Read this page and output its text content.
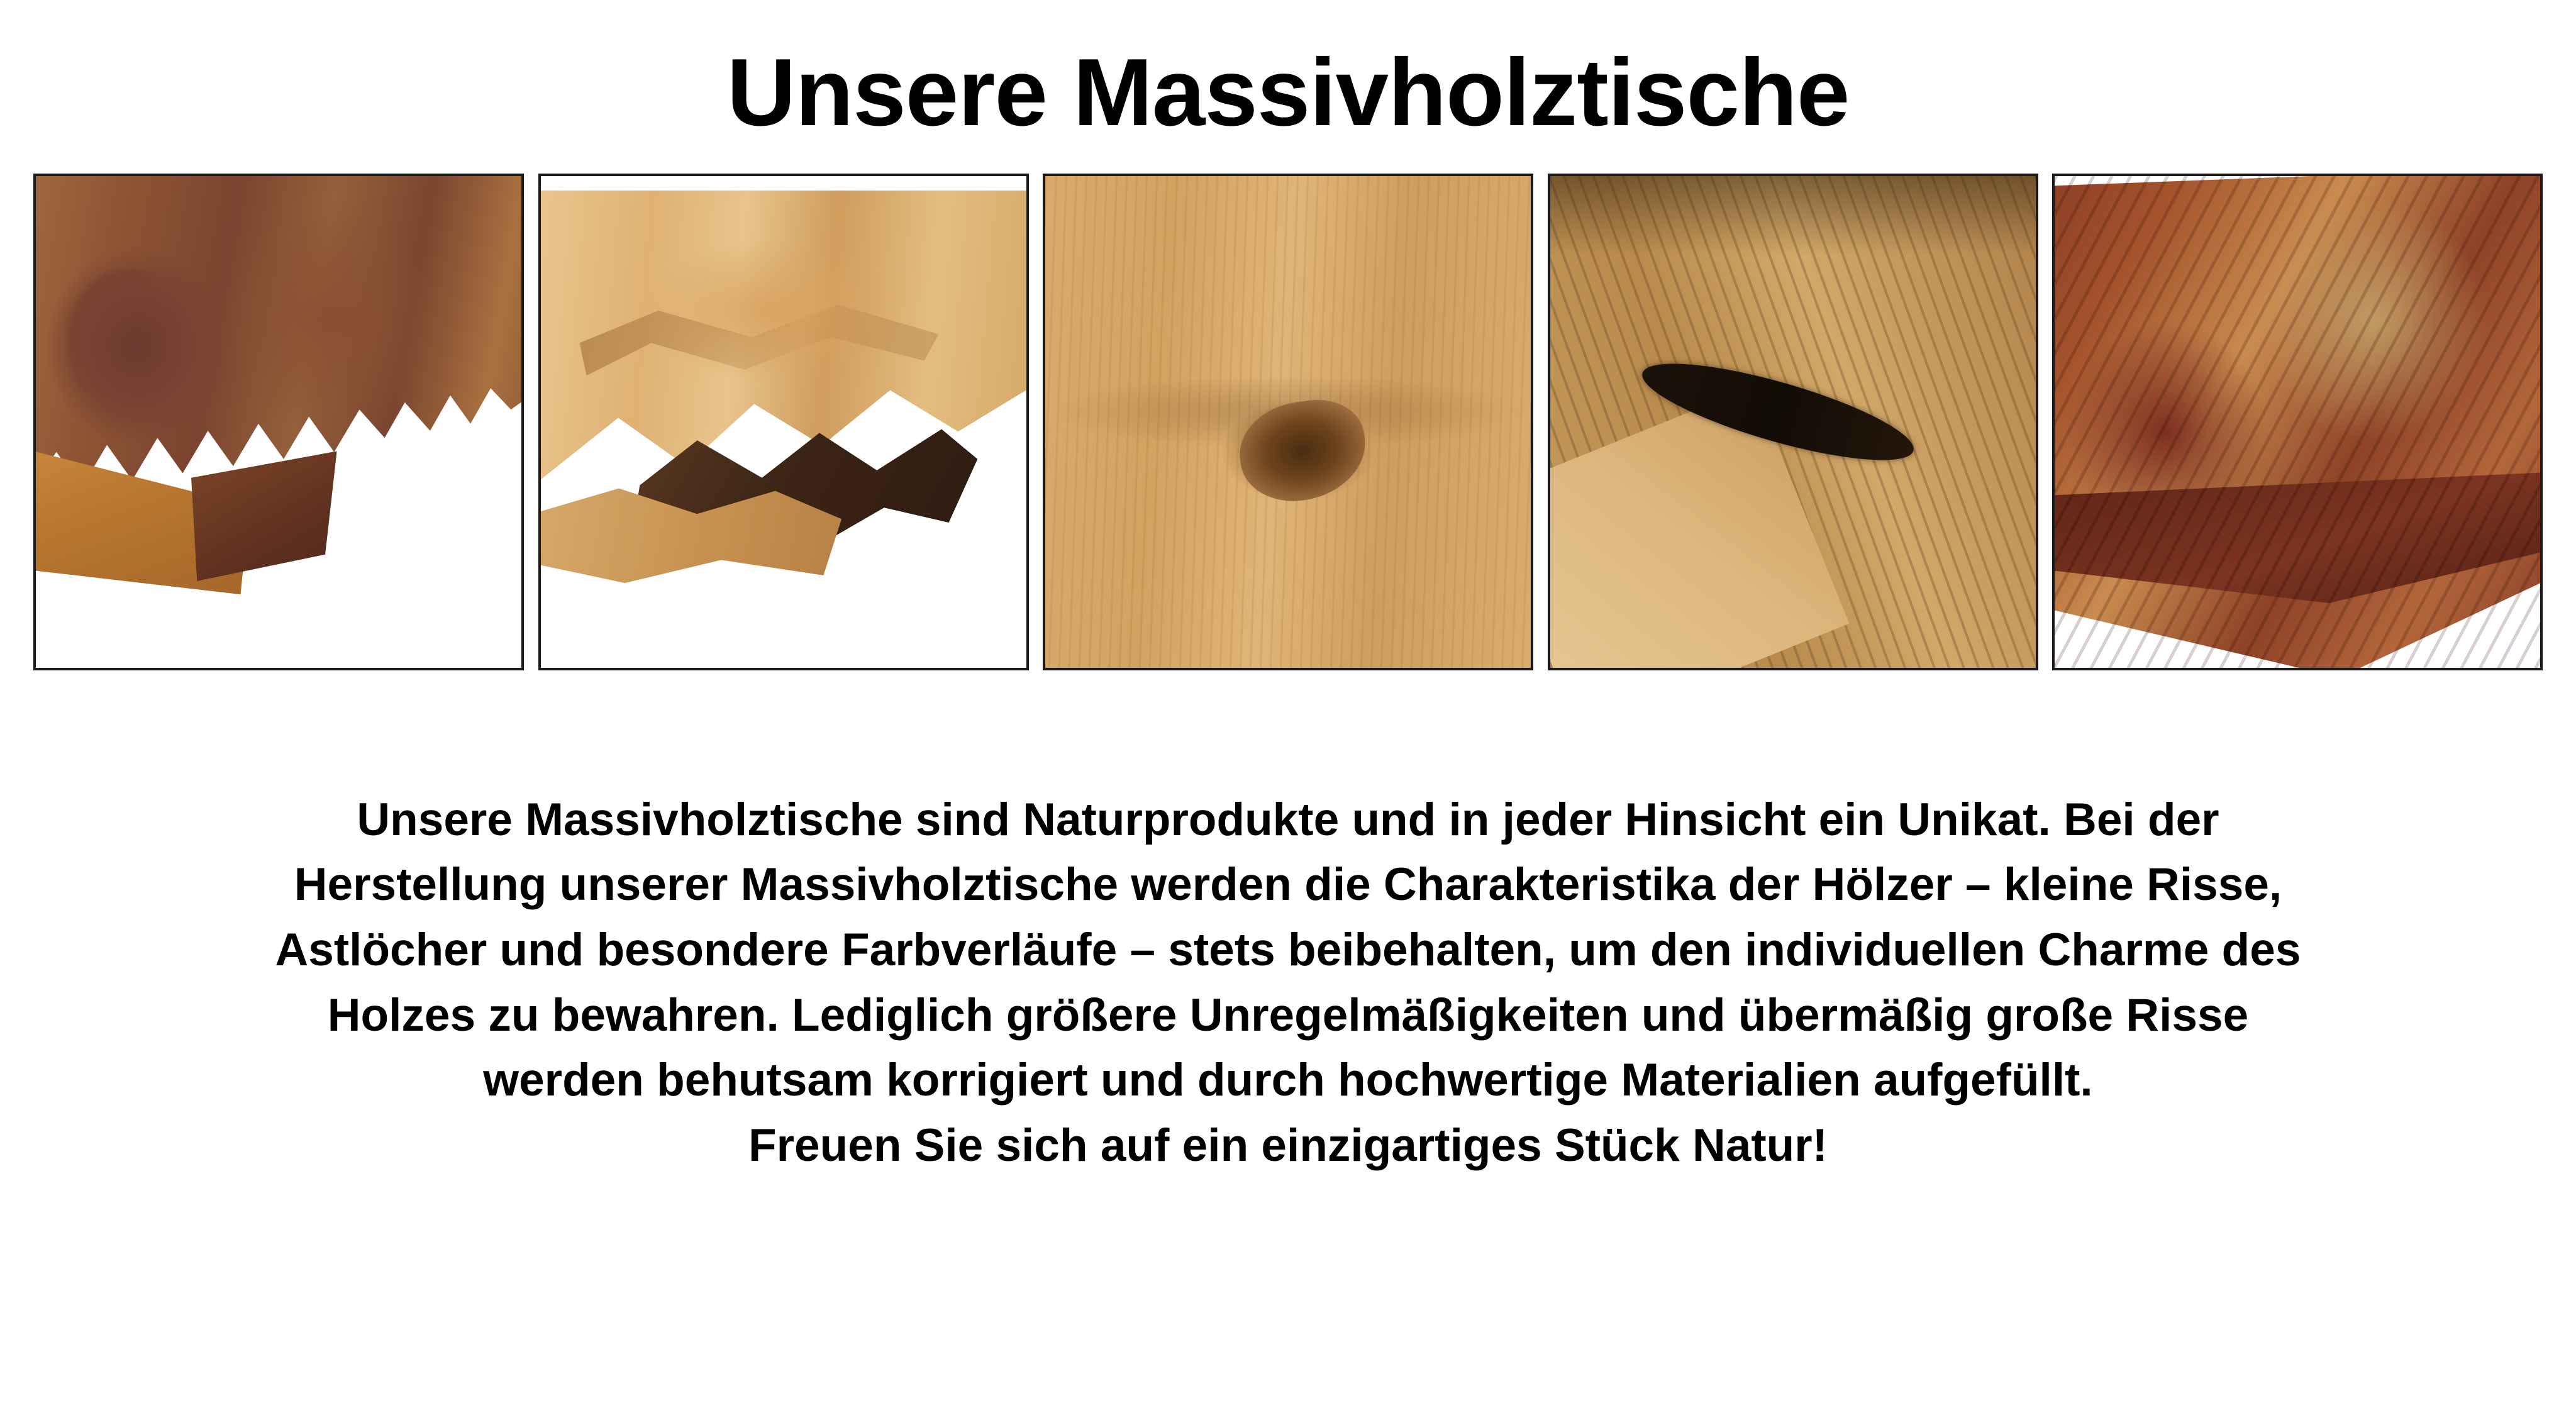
Unsere Massivholztische

Unsere Massivholztische sind Naturprodukte und in jeder Hinsicht ein Unikat. Bei der

Herstellung unserer Massivholztische werden die Charakteristika der Hölzer – kleine Risse,

Astlöcher und besondere Farbverläufe – stets beibehalten, um den individuellen Charme des

Holzes zu bewahren. Lediglich größere Unregelmäßigkeiten und übermäßig große Risse

werden behutsam korrigiert und durch hochwertige Materialien aufgefüllt.

Freuen Sie sich auf ein einzigartiges Stück Natur!
